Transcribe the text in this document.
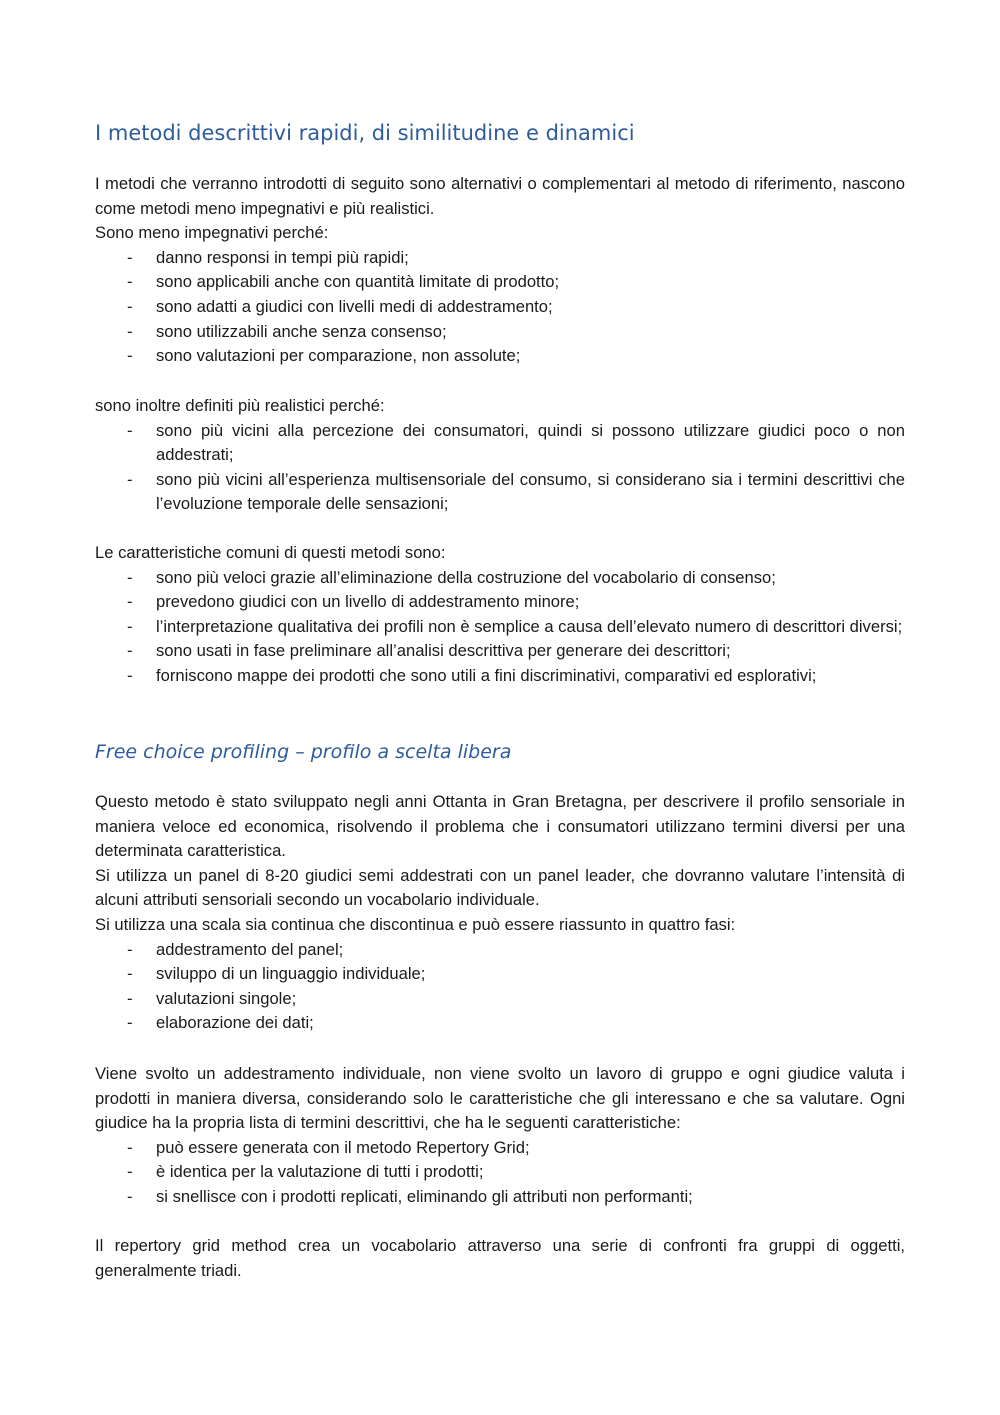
I metodi descrittivi rapidi, di similitudine e dinamici

I metodi che verranno introdotti di seguito sono alternativi o complementari al metodo di riferimento, nascono come metodi meno impegnativi e più realistici.

Sono meno impegnativi perché:

- danno responsi in tempi più rapidi;
- sono applicabili anche con quantità limitate di prodotto;
- sono adatti a giudici con livelli medi di addestramento;
- sono utilizzabili anche senza consenso;
- sono valutazioni per comparazione, non assolute;

sono inoltre definiti più realistici perché:

- sono più vicini alla percezione dei consumatori, quindi si possono utilizzare giudici poco o non addestrati;
- sono più vicini all’esperienza multisensoriale del consumo, si considerano sia i termini descrittivi che l’evoluzione temporale delle sensazioni;

Le caratteristiche comuni di questi metodi sono:

- sono più veloci grazie all’eliminazione della costruzione del vocabolario di consenso;
- prevedono giudici con un livello di addestramento minore;
- l’interpretazione qualitativa dei profili non è semplice a causa dell’elevato numero di descrittori diversi;
- sono usati in fase preliminare all’analisi descrittiva per generare dei descrittori;
- forniscono mappe dei prodotti che sono utili a fini discriminativi, comparativi ed esplorativi;
Free choice profiling – profilo a scelta libera

Questo metodo è stato sviluppato negli anni Ottanta in Gran Bretagna, per descrivere il profilo sensoriale in maniera veloce ed economica, risolvendo il problema che i consumatori utilizzano termini diversi per una determinata caratteristica.

Si utilizza un panel di 8-20 giudici semi addestrati con un panel leader, che dovranno valutare l’intensità di alcuni attributi sensoriali secondo un vocabolario individuale.

Si utilizza una scala sia continua che discontinua e può essere riassunto in quattro fasi:

- addestramento del panel;
- sviluppo di un linguaggio individuale;
- valutazioni singole;
- elaborazione dei dati;

Viene svolto un addestramento individuale, non viene svolto un lavoro di gruppo e ogni giudice valuta i prodotti in maniera diversa, considerando solo le caratteristiche che gli interessano e che sa valutare. Ogni giudice ha la propria lista di termini descrittivi, che ha le seguenti caratteristiche:

- può essere generata con il metodo Repertory Grid;
- è identica per la valutazione di tutti i prodotti;
- si snellisce con i prodotti replicati, eliminando gli attributi non performanti;

Il repertory grid method crea un vocabolario attraverso una serie di confronti fra gruppi di oggetti, generalmente triadi.
